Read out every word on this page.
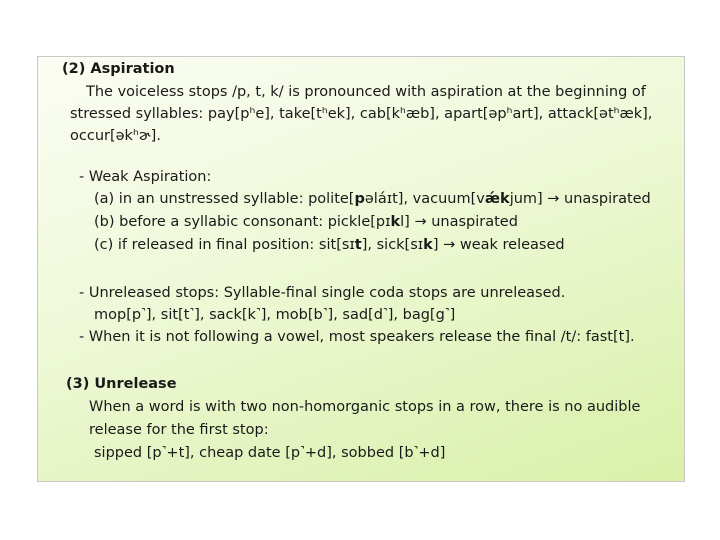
(2) Aspiration
The voiceless stops /p, t, k/ is pronounced with aspiration at the beginning of
stressed syllables: pay[pʰe], take[tʰek], cab[kʰæb], apart[əpʰart], attack[ətʰæk],
occur[əkʰɚ].
- Weak Aspiration:
(a) in an unstressed syllable: polite[pəláɪt], vacuum[vǽkjum] → unaspirated
(b) before a syllabic consonant: pickle[pɪkl] → unaspirated
(c) if released in final position: sit[sɪt], sick[sɪk] → weak released
- Unreleased stops: Syllable-final single coda stops are unreleased.
mop[p˺], sit[t˺], sack[k˺], mob[b˺], sad[d˺], bag[g˺]
- When it is not following a vowel, most speakers release the final /t/: fast[t].
(3) Unrelease
When a word is with two non-homorganic stops in a row, there is no audible
release for the first stop:
sipped [p˺+t], cheap date [p˺+d], sobbed [b˺+d]
